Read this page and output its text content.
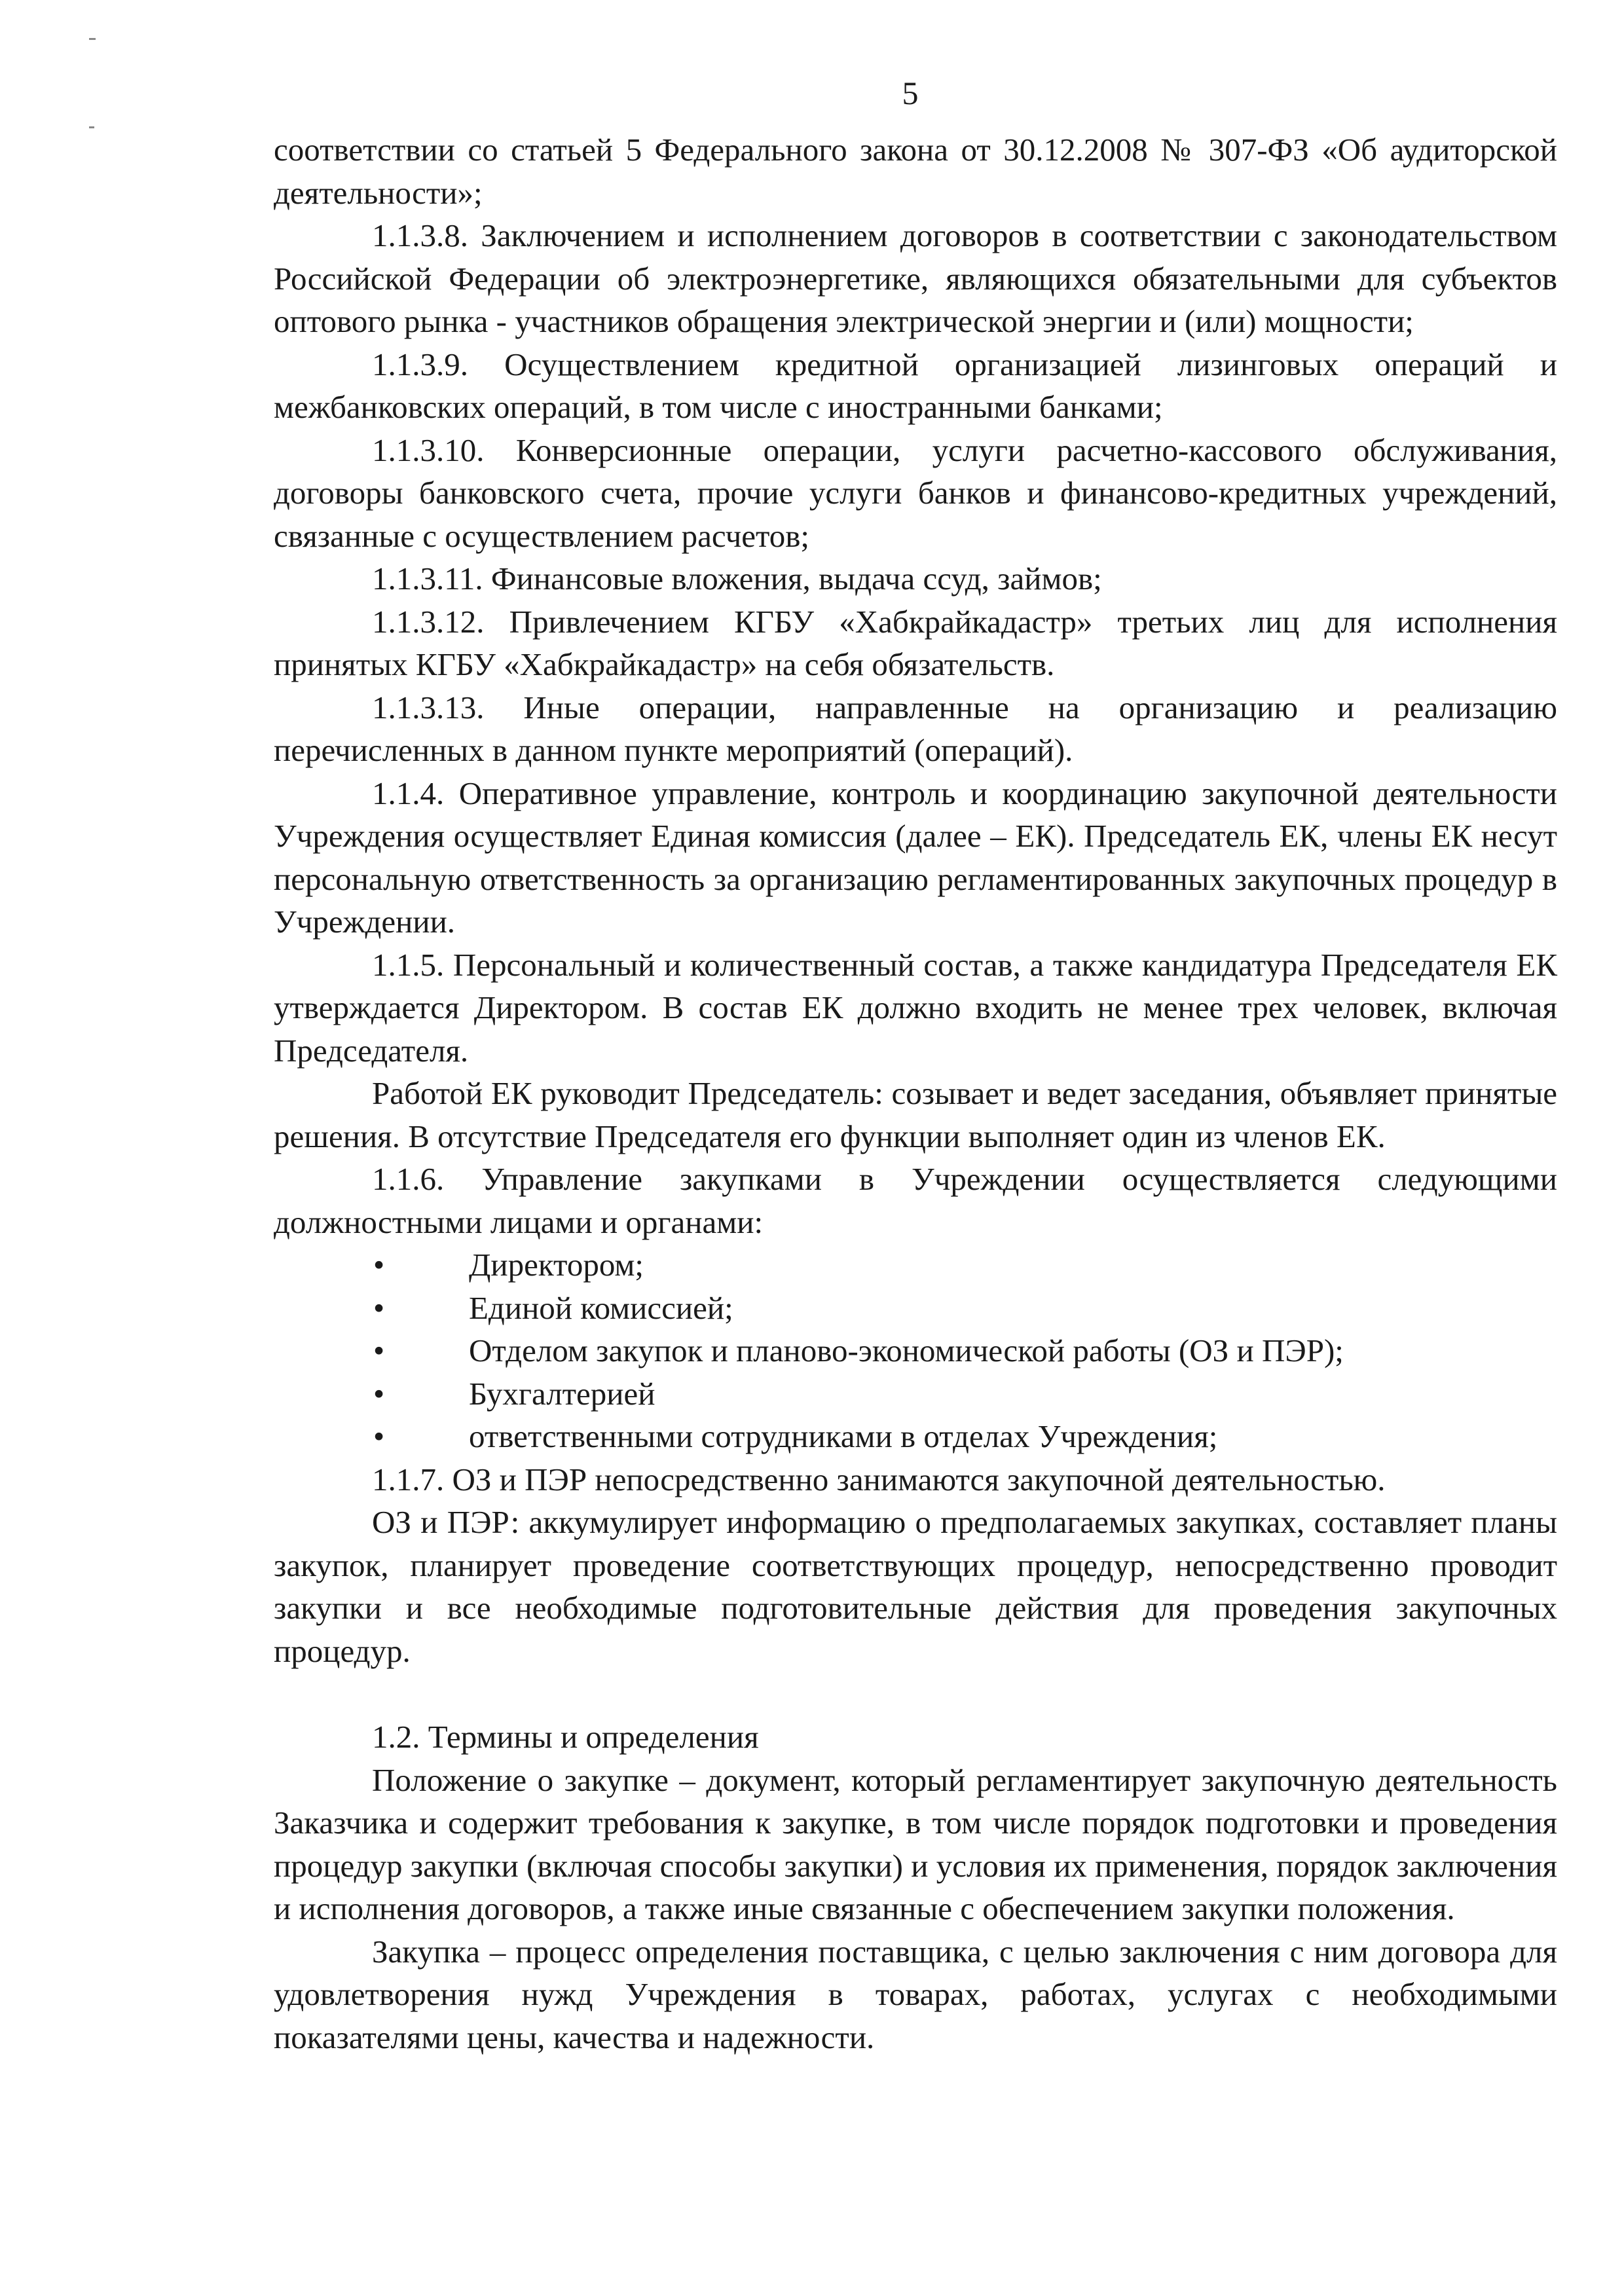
5

соответствии со статьей 5 Федерального закона от 30.12.2008 № 307-ФЗ «Об аудиторской деятельности»;

1.1.3.8. Заключением и исполнением договоров в соответствии с законодательством Российской Федерации об электроэнергетике, являющихся обязательными для субъектов оптового рынка - участников обращения электрической энергии и (или) мощности;

1.1.3.9. Осуществлением кредитной организацией лизинговых операций и межбанковских операций, в том числе с иностранными банками;

1.1.3.10. Конверсионные операции, услуги расчетно-кассового обслуживания, договоры банковского счета, прочие услуги банков и финансово-кредитных учреждений, связанные с осуществлением расчетов;

1.1.3.11. Финансовые вложения, выдача ссуд, займов;

1.1.3.12. Привлечением КГБУ «Хабкрайкадастр» третьих лиц для исполнения принятых КГБУ «Хабкрайкадастр» на себя обязательств.

1.1.3.13. Иные операции, направленные на организацию и реализацию перечисленных в данном пункте мероприятий (операций).

1.1.4. Оперативное управление, контроль и координацию закупочной деятельности Учреждения осуществляет Единая комиссия (далее – ЕК). Председатель ЕК, члены ЕК несут персональную ответственность за организацию регламентированных закупочных процедур в Учреждении.

1.1.5. Персональный и количественный состав, а также кандидатура Председателя ЕК утверждается Директором. В состав ЕК должно входить не менее трех человек, включая Председателя.

Работой ЕК руководит Председатель: созывает и ведет заседания, объявляет принятые решения. В отсутствие Председателя его функции выполняет один из членов ЕК.

1.1.6. Управление закупками в Учреждении осуществляется следующими должностными лицами и органами:

•	Директором;
•	Единой комиссией;
•	Отделом закупок и планово-экономической работы (ОЗ и ПЭР);
•	Бухгалтерией
•	ответственными сотрудниками в отделах Учреждения;

1.1.7. ОЗ и ПЭР непосредственно занимаются закупочной деятельностью.

ОЗ и ПЭР: аккумулирует информацию о предполагаемых закупках, составляет планы закупок, планирует проведение соответствующих процедур, непосредственно проводит закупки и все необходимые подготовительные действия для проведения закупочных процедур.

1.2. Термины и определения

Положение о закупке – документ, который регламентирует закупочную деятельность Заказчика и содержит требования к закупке, в том числе порядок подготовки и проведения процедур закупки (включая способы закупки) и условия их применения, порядок заключения и исполнения договоров, а также иные связанные с обеспечением закупки положения.

Закупка – процесс определения поставщика, с целью заключения с ним договора для удовлетворения нужд Учреждения в товарах, работах, услугах с необходимыми показателями цены, качества и надежности.
